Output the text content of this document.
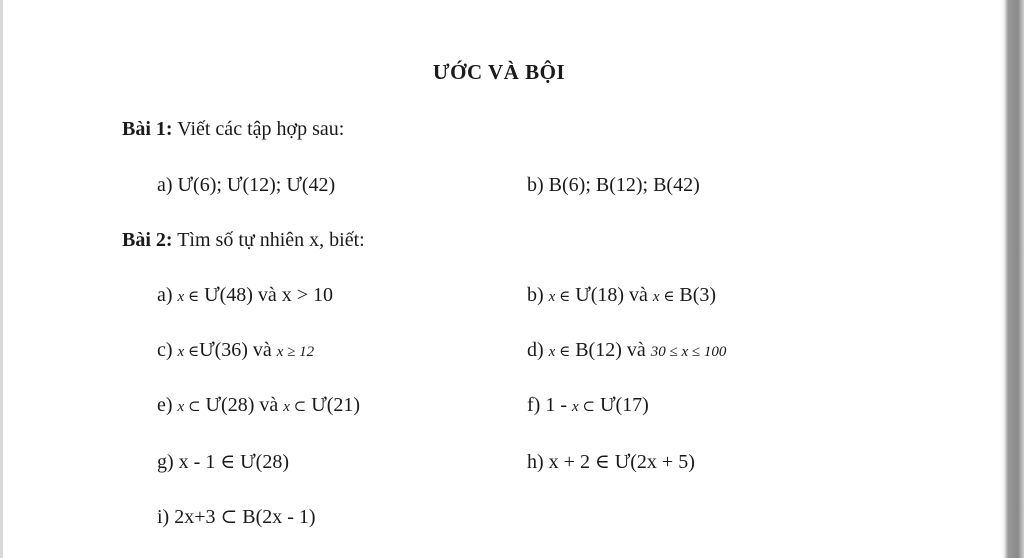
ƯỚC VÀ BỘI
Bài 1: Viết các tập hợp sau:
a) Ư(6); Ư(12); Ư(42)	b) B(6); B(12); B(42)
Bài 2: Tìm số tự nhiên x, biết:
a) x ∈ Ư(48) và x > 10	b) x ∈ Ư(18) và x ∈ B(3)
c) x ∈Ư(36) và x ≥ 12	d) x ∈ B(12) và 30 ≤ x ≤ 100
e) x ⊂ Ư(28) và x ⊂ Ư(21)	f) 1 - x ⊂ Ư(17)
g) x - 1 ∈ Ư(28)	h) x + 2 ∈ Ư(2x + 5)
i) 2x+3 ⊂ B(2x - 1)
